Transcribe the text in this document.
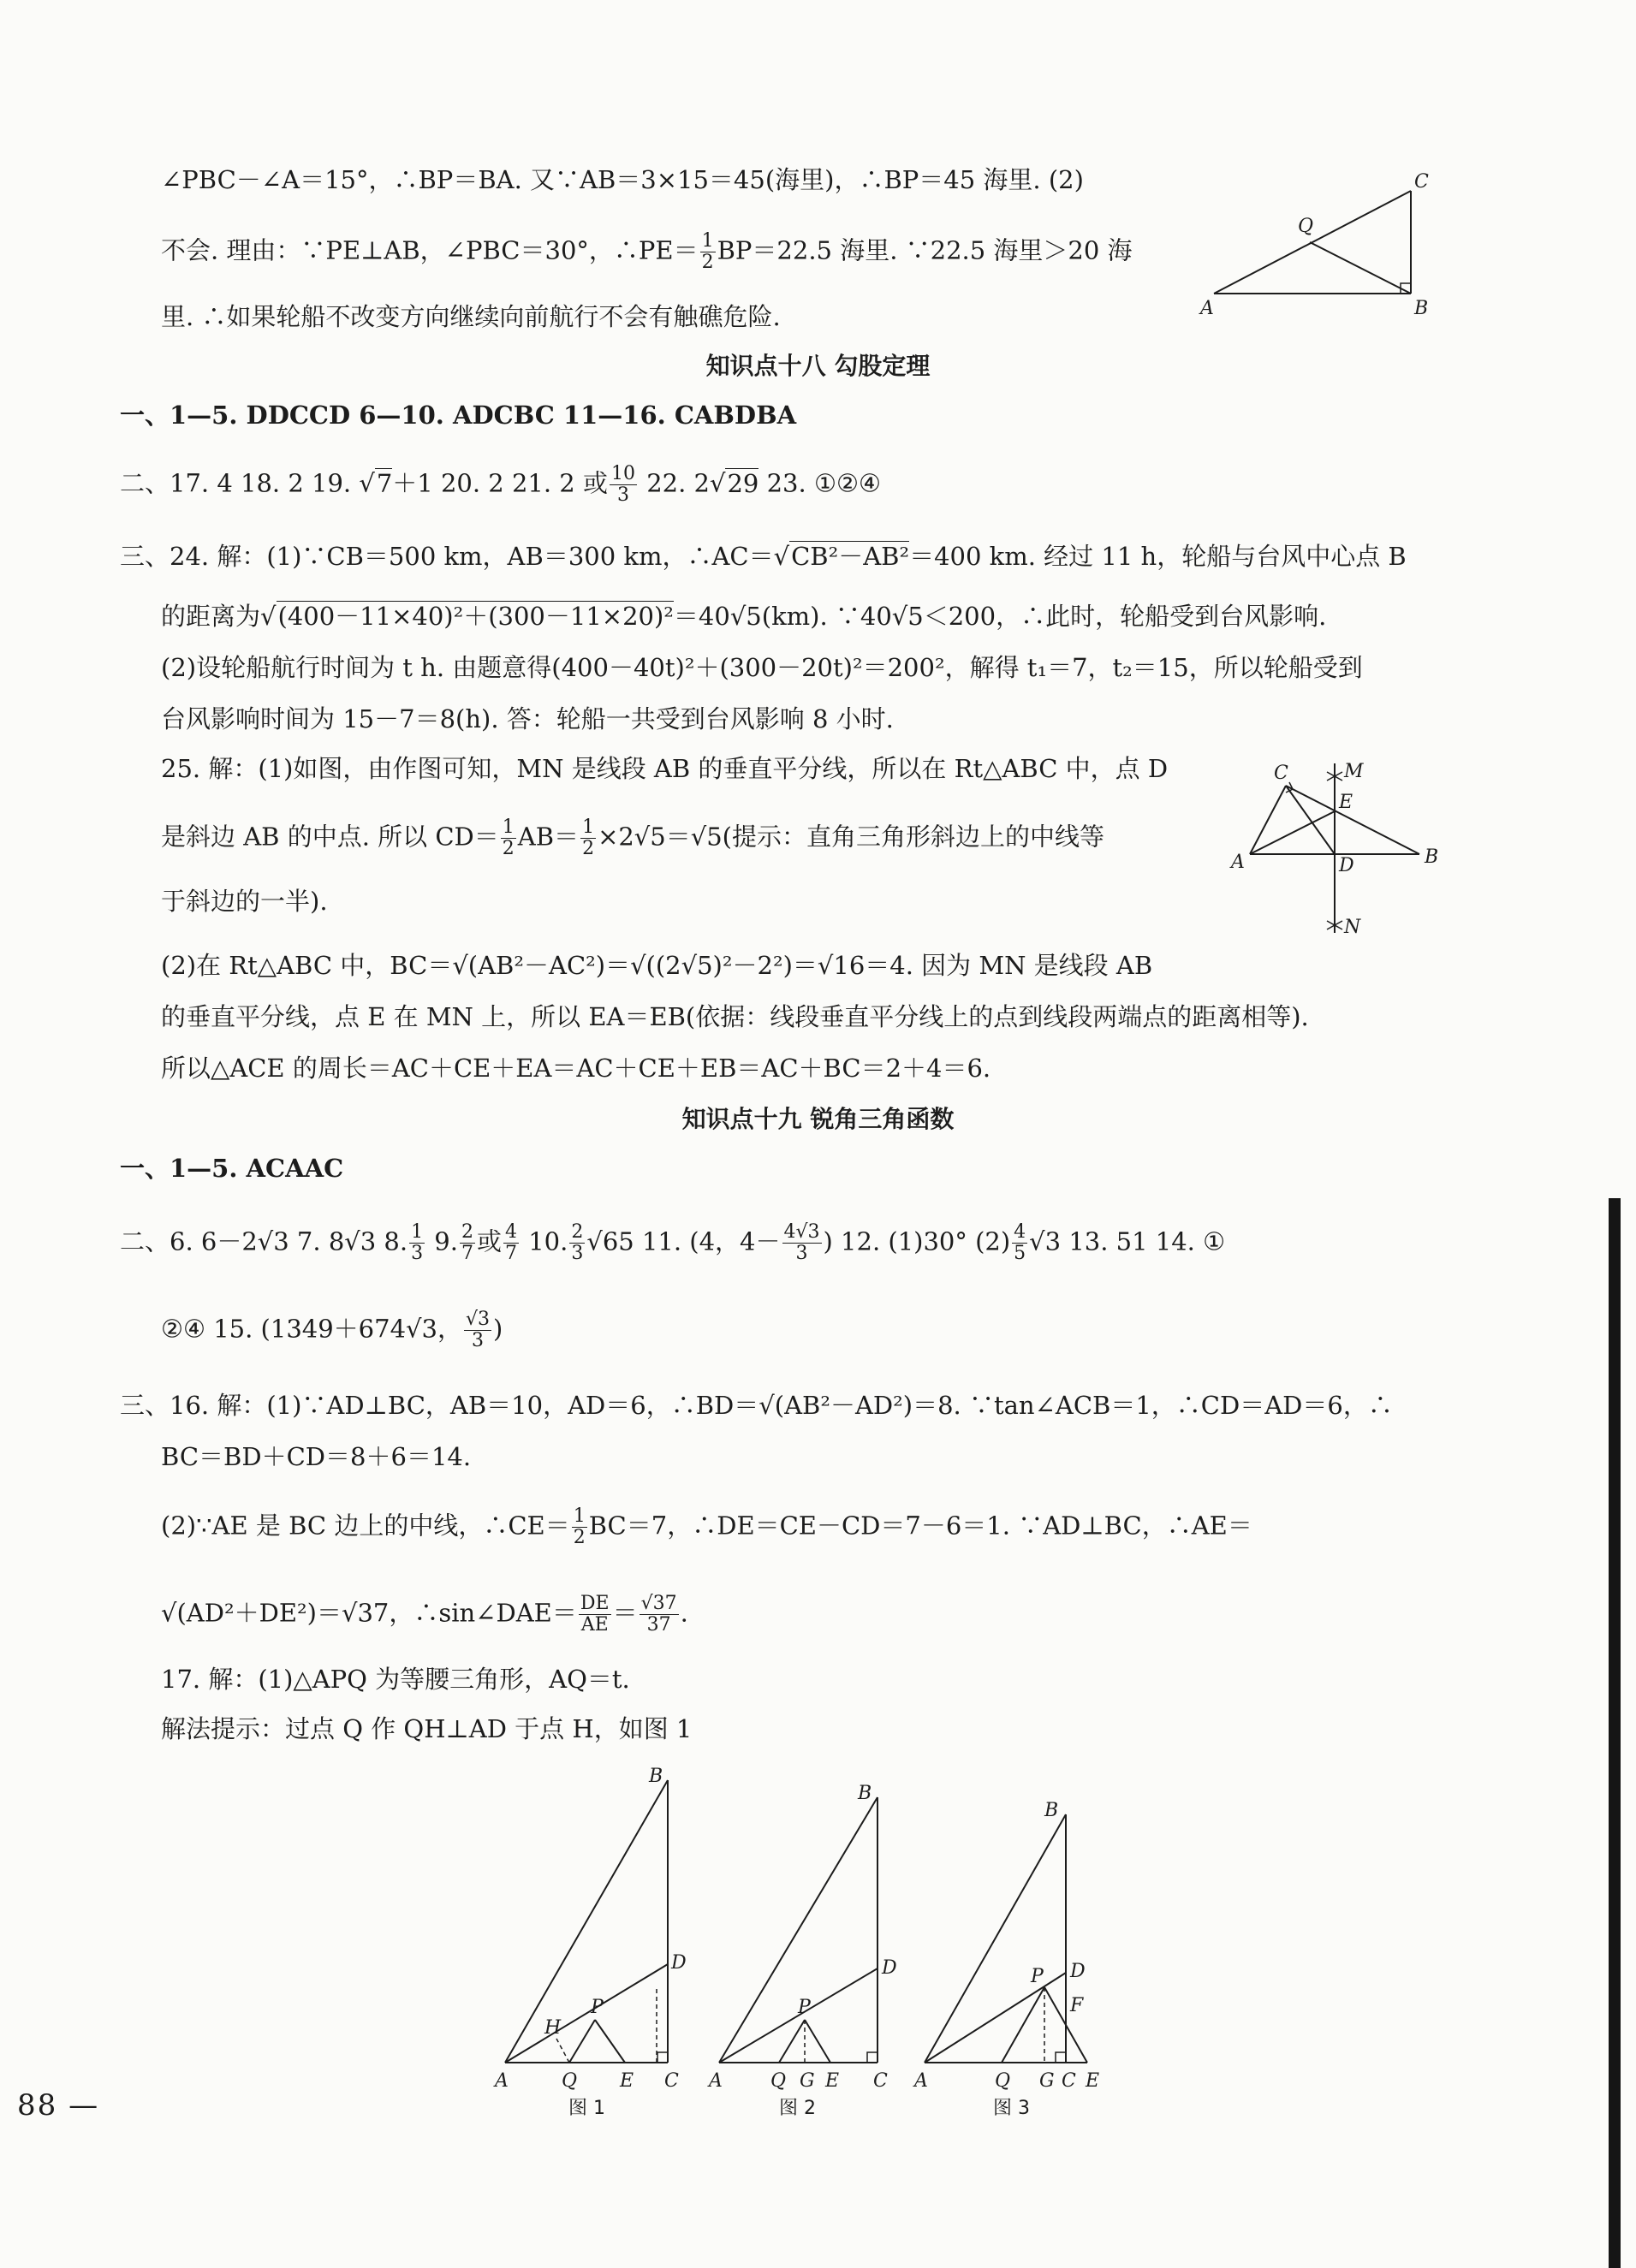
∠PBC－∠A＝15°，∴BP＝BA. 又∵AB＝3×15＝45(海里)，∴BP＝45 海里. (2)
不会. 理由：∵PE⊥AB，∠PBC＝30°，∴PE＝ $\frac{1}{2} BP=22.5$ 海里. ∵22.5 海里＞20 海
里. ∴如果轮船不改变方向继续向前航行不会有触礁危险.	A	B
C
Q
知识点十八 勾股定理
一、1—5. DDCCD 6—10. ADCBC 11—16. CABDBA
二、17. 4 18. 2 19. √7＋1 20. 2 21. 2 或 $\frac{10}{3} 22$. 2√29 23. ①②④
三、24. 解：(1)∵CB＝500 km，AB＝300 km，∴AC＝√CB²－AB²＝400 km. 经过 11 h，轮船与台风中心点 B
的距离为√(400－11×40)²＋(300－11×20)²＝40√5(km). ∵40√5＜200，∴此时，轮船受到台风影响.
(2)设轮船航行时间为 t h. 由题意得(400－40t)²＋(300－20t)²＝200²，解得 t₁＝7，t₂＝15，所以轮船受到
台风影响时间为 15－7＝8(h). 答：轮船一共受到台风影响 8 小时.
25. 解：(1)如图，由作图可知，MN 是线段 AB 的垂直平分线，所以在 Rt△ABC 中，点 D
是斜边 AB 的中点. 所以 $CD= \frac{1}{2} AB= \frac{1}{2} \times 2√5=√5$(提示：直角三角形斜边上的中线等
于斜边的一半).
A	B
C
D
E
M
N
(2)在 Rt△ABC 中，BC＝√(AB²－AC²)＝√((2√5)²－2²)＝√16＝4. 因为 MN 是线段 AB
的垂直平分线，点 E 在 MN 上，所以 EA＝EB(依据：线段垂直平分线上的点到线段两端点的距离相等).
所以△ACE 的周长＝AC＋CE＋EA＝AC＋CE＋EB＝AC＋BC＝2＋4＝6.
知识点十九 锐角三角函数
一、1—5. ACAAC
二、6. 6－2√3 7. 8√3 8. $\frac{1}{3} 9$. $\frac{2}{7}$ 或 $\frac{4}{7} 10$. $\frac{2}{3} √65$ 11. (4，$4- \frac{4√3}{3}$ ) 12. (1)30° $(2) \frac{4}{5} √3$ 13. 51 14. ①
②④ 15. (1349＋674√3， $\frac{√3}{3}$ )
三、16. 解：(1)∵AD⊥BC，AB＝10，AD＝6，∴BD＝√(AB²－AD²)＝8. ∵tan∠ACB＝1，∴CD＝AD＝6，∴
BC＝BD＋CD＝8＋6＝14.
(2)∵AE 是 BC 边上的中线，∴CE＝ $\frac{1}{2} BC=7$，∴DE＝CE－CD＝7－6＝1. ∵AD⊥BC，∴AE＝
√(AD²＋DE²)＝√37，∴sin∠DAE＝ $\frac{DE}{AE} = \frac{√37}{37}$ .
17. 解：(1)△APQ 为等腰三角形，AQ＝t.
解法提示：过点 Q 作 QH⊥AD 于点 H，如图 1
A
B
C
D
E
H
P
Q
图 1
A
B
C
D
E
G
P
Q
图 2
A
B
C
D
E
F
G
P
Q
图 3
88 —
